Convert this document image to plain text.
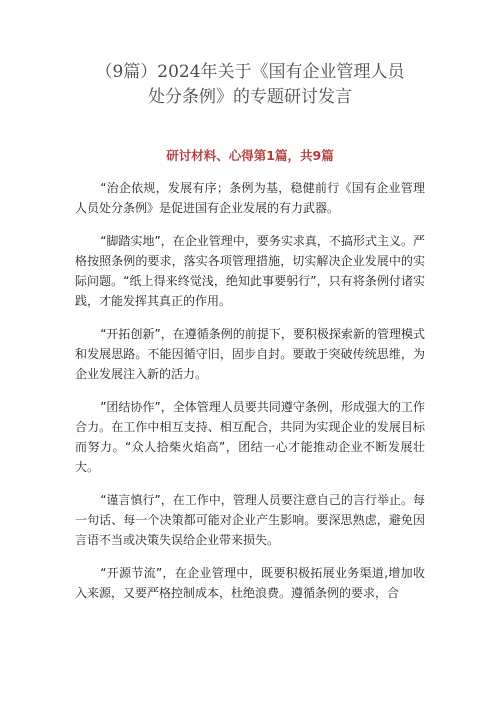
（9篇）2024年关于《国有企业管理人员
处分条例》的专题研讨发言
研讨材料、心得第1篇，共9篇

“治企依规，发展有序；条例为基，稳健前行《国有企业管理人员处分条例》是促进国有企业发展的有力武器。

“脚踏实地”，在企业管理中，要务实求真，不搞形式主义。严格按照条例的要求，落实各项管理措施，切实解决企业发展中的实际问题。“纸上得来终觉浅，绝知此事要躬行”，只有将条例付诸实践，才能发挥其真正的作用。

“开拓创新”，在遵循条例的前提下，要积极探索新的管理模式和发展思路。不能因循守旧，固步自封。要敢于突破传统思维，为企业发展注入新的活力。

”团结协作”，全体管理人员要共同遵守条例，形成强大的工作合力。在工作中相互支持、相互配合，共同为实现企业的发展目标而努力。“众人拾柴火焰高”，团结一心才能推动企业不断发展壮大。

“谨言慎行”，在工作中，管理人员要注意自己的言行举止。每一句话、每一个决策都可能对企业产生影响。要深思熟虑，避免因言语不当或决策失误给企业带来损失。

“开源节流”，在企业管理中，既要积极拓展业务渠道,增加收入来源，又要严格控制成本，杜绝浪费。遵循条例的要求，合
